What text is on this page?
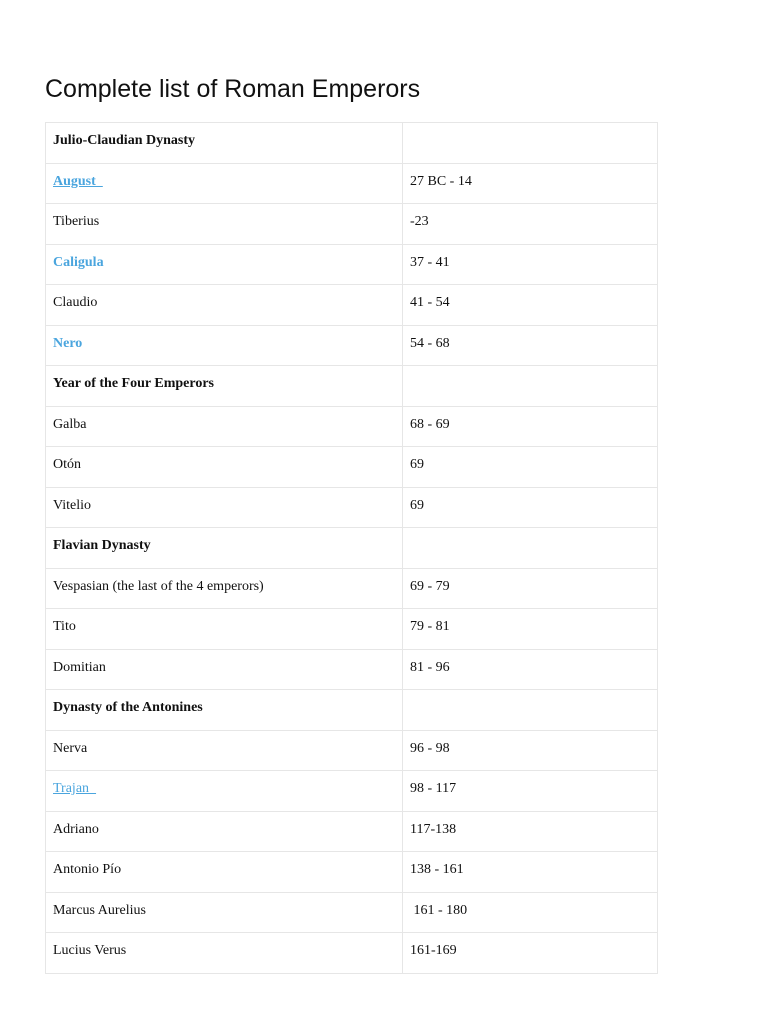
Complete list of Roman Emperors
Julio-Claudian Dynasty	
August	27 BC - 14
Tiberius	-23
Caligula	37 - 41
Claudio	41 - 54
Nero	54 - 68
Year of the Four Emperors	
Galba	68 - 69
Otón	69
Vitelio	69
Flavian Dynasty	
Vespasian (the last of the 4 emperors)	69 - 79
Tito	79 - 81
Domitian	81 - 96
Dynasty of the Antonines	
Nerva	96 - 98
Trajan	98 - 117
Adriano	117-138
Antonio Pío	138 - 161
Marcus Aurelius	161 - 180
Lucius Verus	161-169
